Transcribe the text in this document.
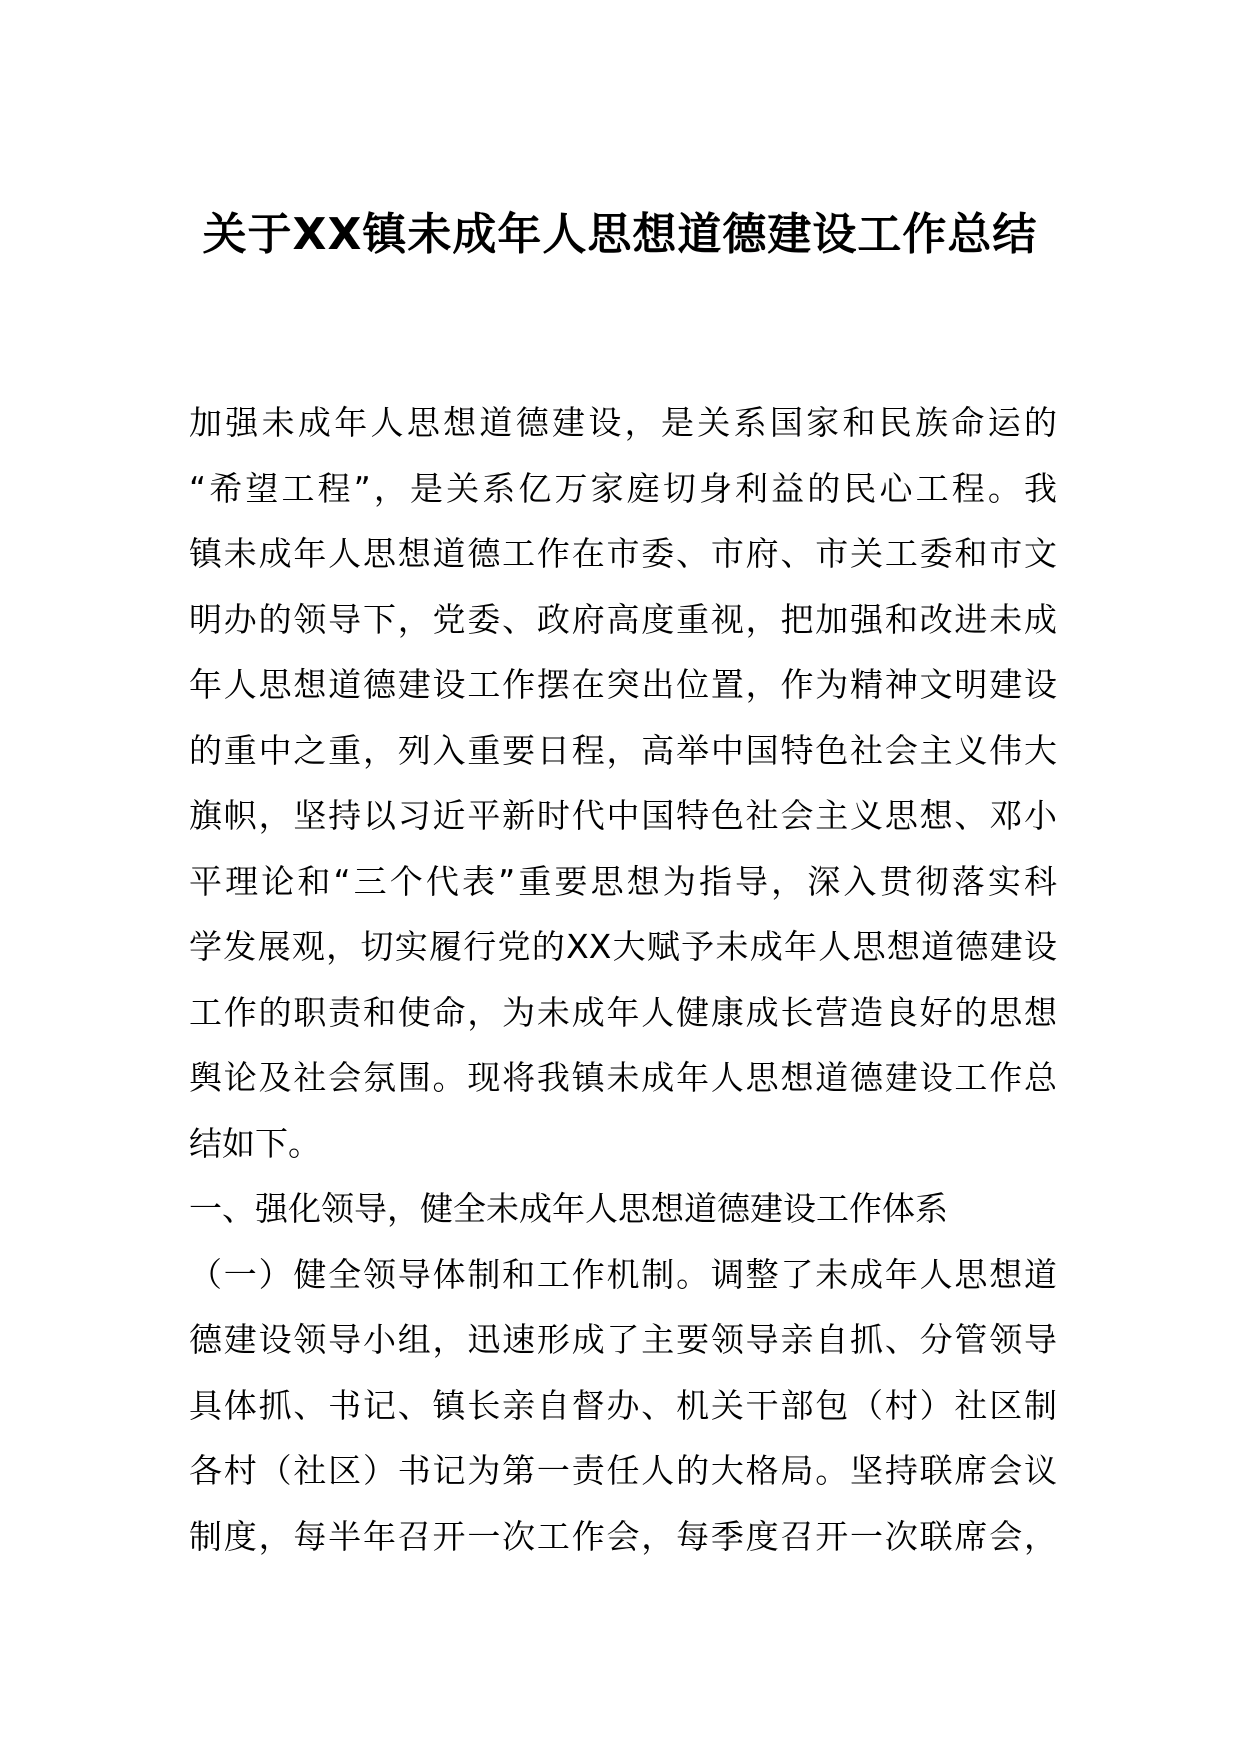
关于XX镇未成年人思想道德建设工作总结
加强未成年人思想道德建设，是关系国家和民族命运的
“希望工程”，是关系亿万家庭切身利益的民心工程。我
镇未成年人思想道德工作在市委、市府、市关工委和市文
明办的领导下，党委、政府高度重视，把加强和改进未成
年人思想道德建设工作摆在突出位置，作为精神文明建设
的重中之重，列入重要日程，高举中国特色社会主义伟大
旗帜，坚持以习近平新时代中国特色社会主义思想、邓小
平理论和“三个代表”重要思想为指导，深入贯彻落实科
学发展观，切实履行党的XX大赋予未成年人思想道德建设
工作的职责和使命，为未成年人健康成长营造良好的思想
舆论及社会氛围。现将我镇未成年人思想道德建设工作总
结如下。
一、强化领导，健全未成年人思想道德建设工作体系
（一）健全领导体制和工作机制。调整了未成年人思想道
德建设领导小组，迅速形成了主要领导亲自抓、分管领导
具体抓、书记、镇长亲自督办、机关干部包（村）社区制
各村（社区）书记为第一责任人的大格局。坚持联席会议
制度，每半年召开一次工作会，每季度召开一次联席会，
